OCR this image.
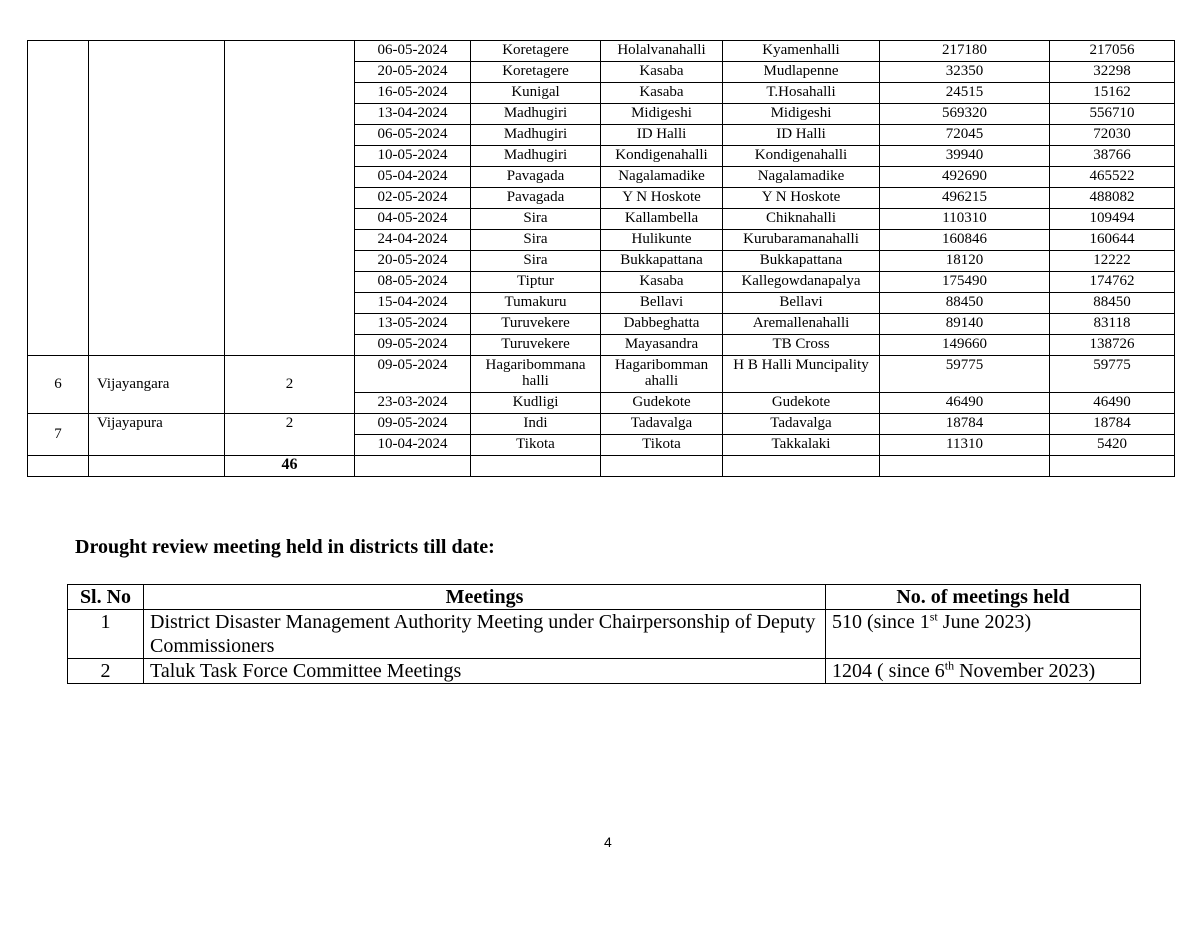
			06-05-2024	Koretagere	Holalvanahalli	Kyamenhalli	217180	217056
			20-05-2024	Koretagere	Kasaba	Mudlapenne	32350	32298
			16-05-2024	Kunigal	Kasaba	T.Hosahalli	24515	15162
			13-04-2024	Madhugiri	Midigeshi	Midigeshi	569320	556710
			06-05-2024	Madhugiri	ID Halli	ID Halli	72045	72030
			10-05-2024	Madhugiri	Kondigenahalli	Kondigenahalli	39940	38766
			05-04-2024	Pavagada	Nagalamadike	Nagalamadike	492690	465522
			02-05-2024	Pavagada	Y N Hoskote	Y N Hoskote	496215	488082
			04-05-2024	Sira	Kallambella	Chiknahalli	110310	109494
			24-04-2024	Sira	Hulikunte	Kurubaramanahalli	160846	160644
			20-05-2024	Sira	Bukkapattana	Bukkapattana	18120	12222
			08-05-2024	Tiptur	Kasaba	Kallegowdanapalya	175490	174762
			15-04-2024	Tumakuru	Bellavi	Bellavi	88450	88450
			13-05-2024	Turuvekere	Dabbeghatta	Aremallenahalli	89140	83118
			09-05-2024	Turuvekere	Mayasandra	TB Cross	149660	138726
6	Vijayangara	2	09-05-2024	Hagaribommana halli	Hagaribomman ahalli	H B Halli Muncipality	59775	59775
			23-03-2024	Kudligi	Gudekote	Gudekote	46490	46490
7	Vijayapura	2	09-05-2024	Indi	Tadavalga	Tadavalga	18784	18784
			10-04-2024	Tikota	Tikota	Takkalaki	11310	5420
		46						
Drought review meeting held in districts till date:
Sl. No	Meetings	No. of meetings held
1	District Disaster Management Authority Meeting under Chairpersonship of Deputy Commissioners	510 (since 1st June 2023)
2	Taluk Task Force Committee Meetings	1204 ( since 6th November 2023)
4
